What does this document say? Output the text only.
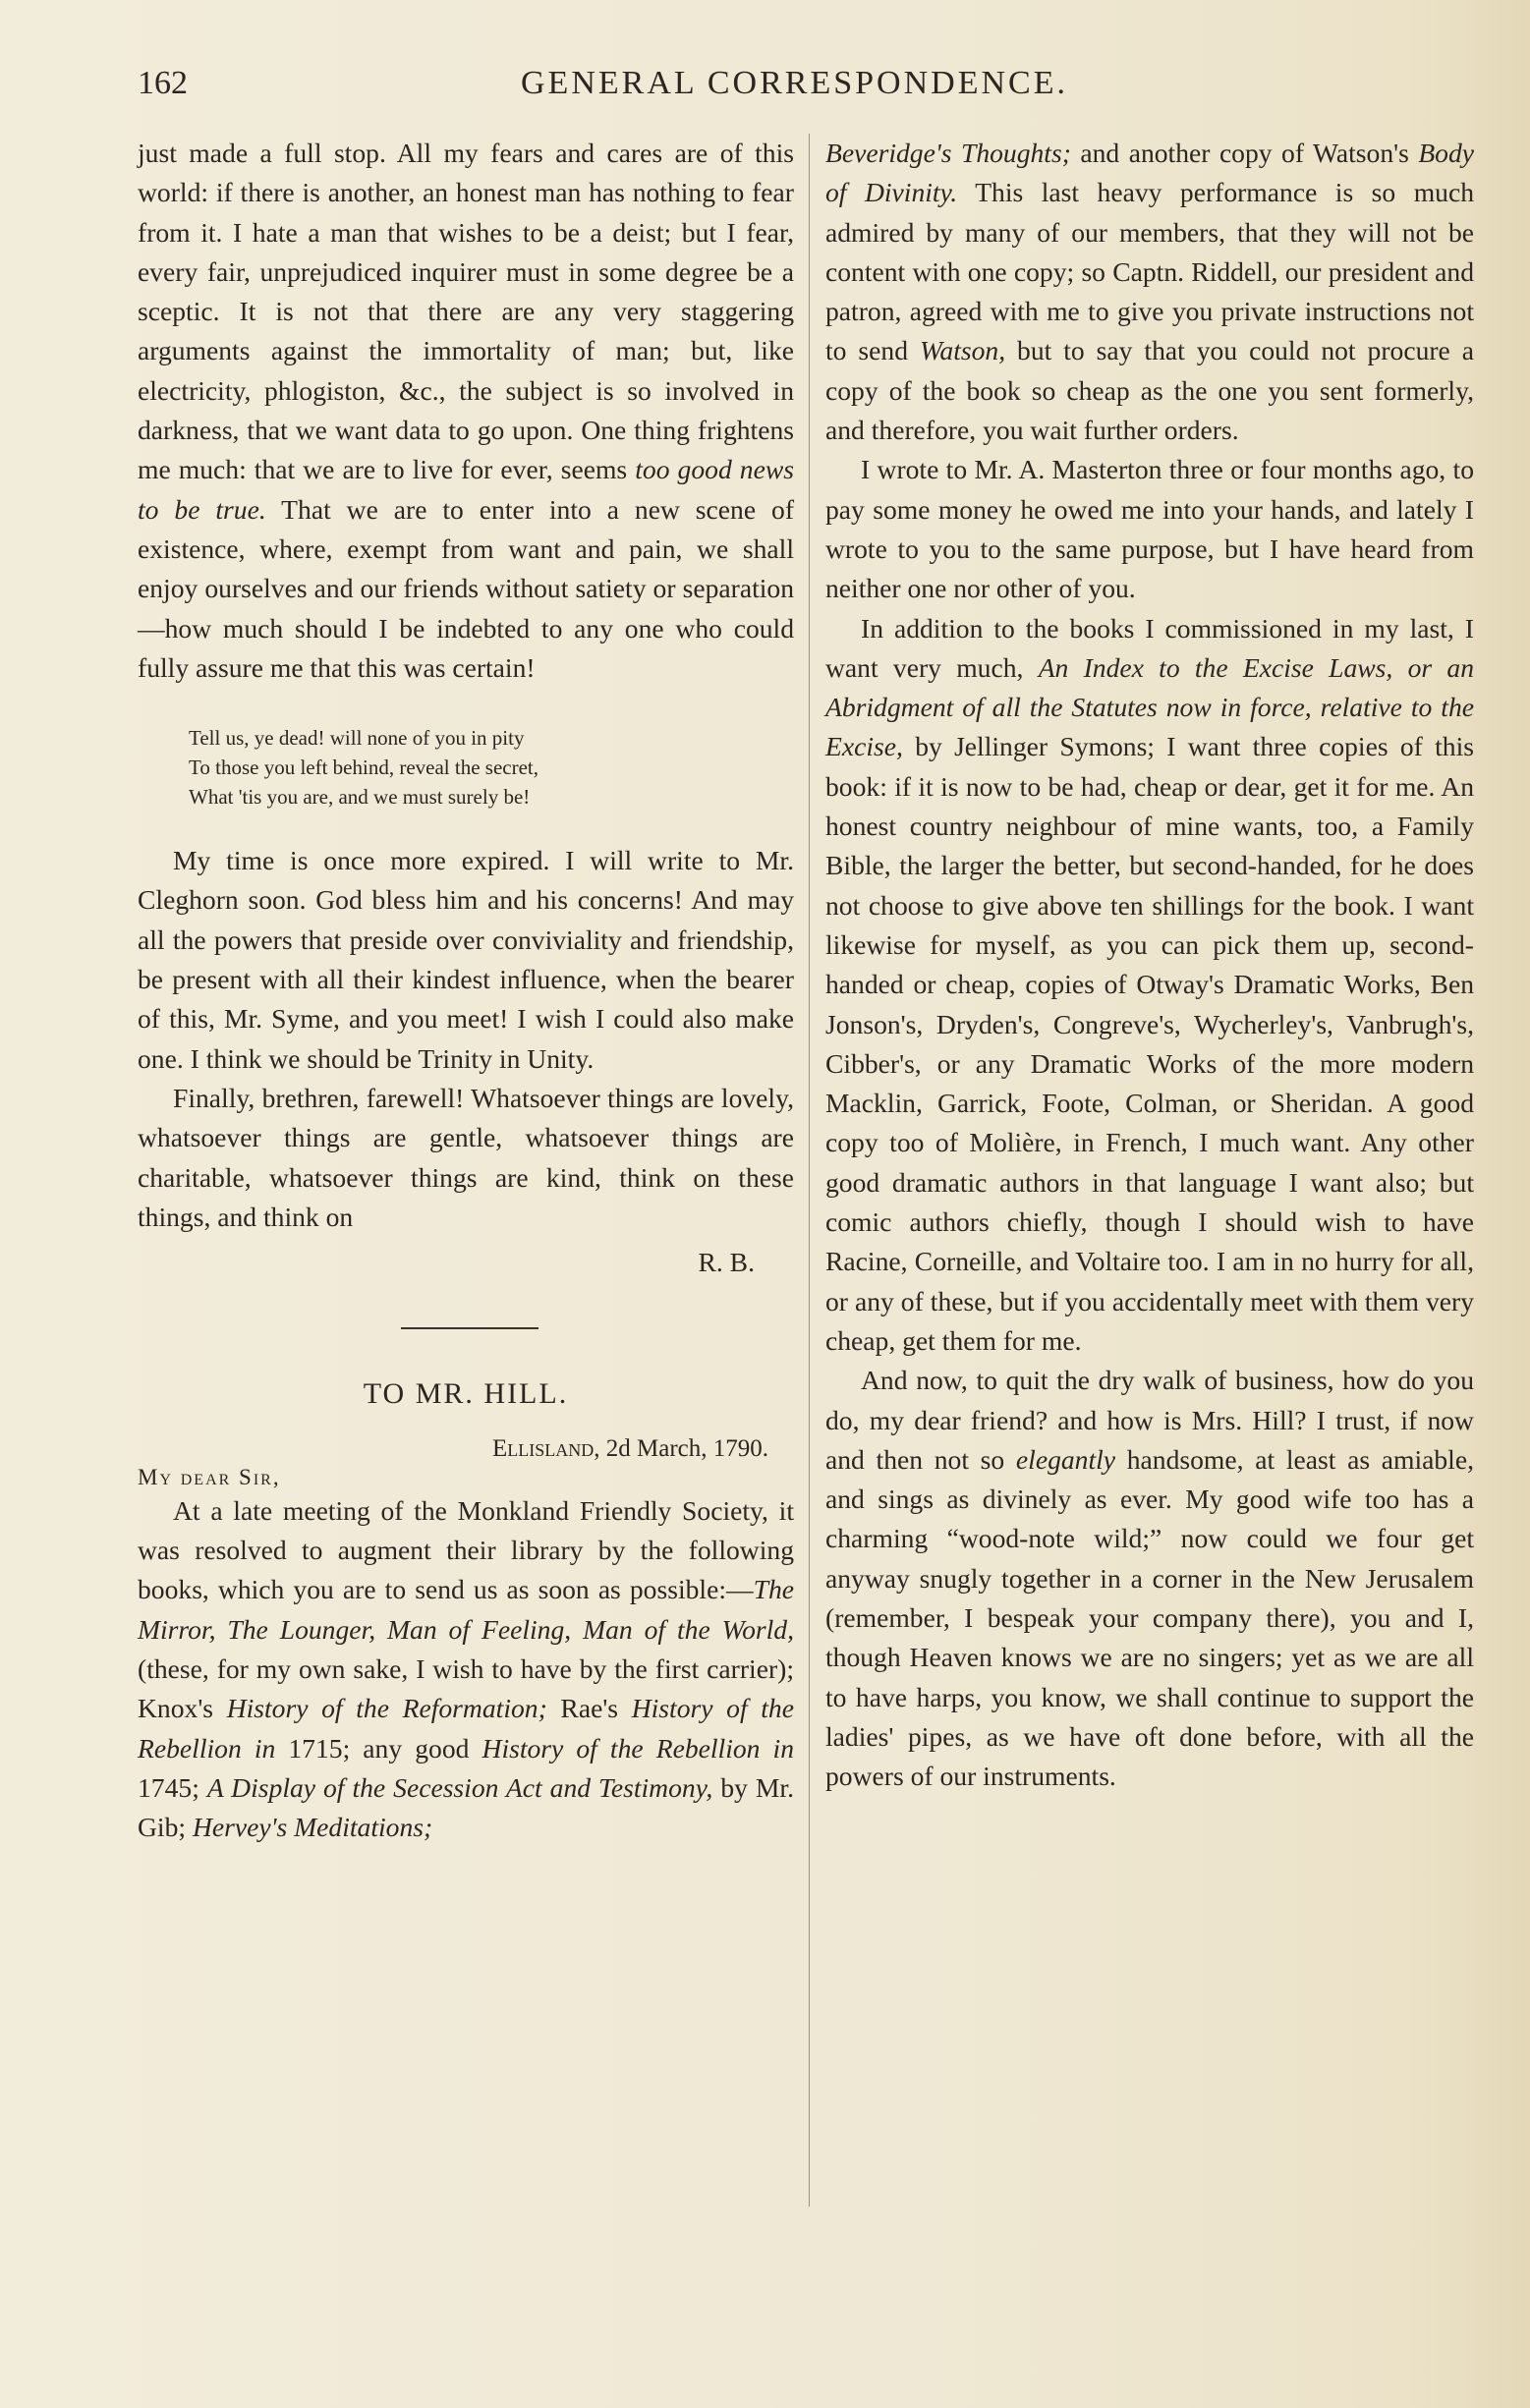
162	GENERAL CORRESPONDENCE.

just made a full stop. All my fears and cares are of this world: if there is another, an honest man has nothing to fear from it. I hate a man that wishes to be a deist; but I fear, every fair, unprejudiced inquirer must in some degree be a sceptic. It is not that there are any very staggering arguments against the immortality of man; but, like electricity, phlogiston, &c., the subject is so involved in darkness, that we want data to go upon. One thing frightens me much: that we are to live for ever, seems too good news to be true. That we are to enter into a new scene of existence, where, exempt from want and pain, we shall enjoy ourselves and our friends without satiety or separation—how much should I be indebted to any one who could fully assure me that this was certain!

Tell us, ye dead! will none of you in pity
To those you left behind, reveal the secret,
What 'tis you are, and we must surely be!

My time is once more expired. I will write to Mr. Cleghorn soon. God bless him and his concerns! And may all the powers that preside over conviviality and friendship, be present with all their kindest influence, when the bearer of this, Mr. Syme, and you meet! I wish I could also make one. I think we should be Trinity in Unity.

Finally, brethren, farewell! Whatsoever things are lovely, whatsoever things are gentle, whatsoever things are charitable, whatsoever things are kind, think on these things, and think on

R. B.

TO MR. HILL.

Ellisland, 2d March, 1790.
My dear Sir,

At a late meeting of the Monkland Friendly Society, it was resolved to augment their library by the following books, which you are to send us as soon as possible:—The Mirror, The Lounger, Man of Feeling, Man of the World, (these, for my own sake, I wish to have by the first carrier); Knox's History of the Reformation; Rae's History of the Rebellion in 1715; any good History of the Rebellion in 1745; A Display of the Secession Act and Testimony, by Mr. Gib; Hervey's Meditations;

Beveridge's Thoughts; and another copy of Watson's Body of Divinity. This last heavy performance is so much admired by many of our members, that they will not be content with one copy; so Captn. Riddell, our president and patron, agreed with me to give you private instructions not to send Watson, but to say that you could not procure a copy of the book so cheap as the one you sent formerly, and therefore, you wait further orders.

I wrote to Mr. A. Masterton three or four months ago, to pay some money he owed me into your hands, and lately I wrote to you to the same purpose, but I have heard from neither one nor other of you.

In addition to the books I commissioned in my last, I want very much, An Index to the Excise Laws, or an Abridgment of all the Statutes now in force, relative to the Excise, by Jellinger Symons; I want three copies of this book: if it is now to be had, cheap or dear, get it for me. An honest country neighbour of mine wants, too, a Family Bible, the larger the better, but second-handed, for he does not choose to give above ten shillings for the book. I want likewise for myself, as you can pick them up, second-handed or cheap, copies of Otway's Dramatic Works, Ben Jonson's, Dryden's, Congreve's, Wycherley's, Vanbrugh's, Cibber's, or any Dramatic Works of the more modern Macklin, Garrick, Foote, Colman, or Sheridan. A good copy too of Molière, in French, I much want. Any other good dramatic authors in that language I want also; but comic authors chiefly, though I should wish to have Racine, Corneille, and Voltaire too. I am in no hurry for all, or any of these, but if you accidentally meet with them very cheap, get them for me.

And now, to quit the dry walk of business, how do you do, my dear friend? and how is Mrs. Hill? I trust, if now and then not so elegantly handsome, at least as amiable, and sings as divinely as ever. My good wife too has a charming “wood-note wild;” now could we four get anyway snugly together in a corner in the New Jerusalem (remember, I bespeak your company there), you and I, though Heaven knows we are no singers; yet as we are all to have harps, you know, we shall continue to support the ladies' pipes, as we have oft done before, with all the powers of our instruments.
